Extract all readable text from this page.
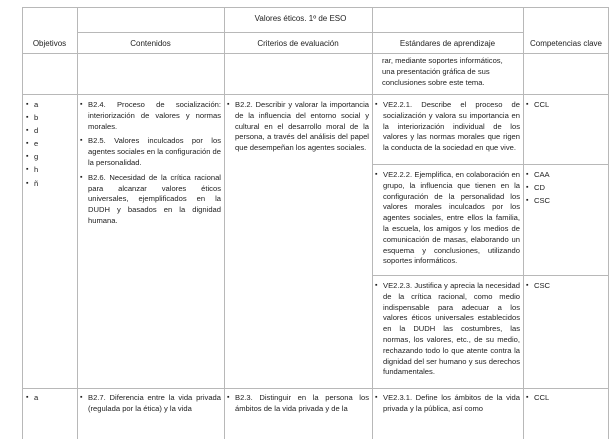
Valores éticos. 1º de ESO
Objetivos	Contenidos	Criterios de evaluación	Estándares de aprendizaje	Competencias clave
rar, mediante soportes informáticos,
una presentación gráfica de sus
conclusiones sobre este tema.
▪ a
▪ b
▪ d
▪ e
▪ g
▪ h
▪ ñ
▪ B2.4. Proceso de socialización: interiorización de valores y normas morales.
▪ B2.5. Valores inculcados por los agentes sociales en la configuración de la personalidad.
▪ B2.6. Necesidad de la crítica racional para alcanzar valores éticos universales, ejemplificados en la DUDH y basados en la dignidad humana.
▪ B2.2. Describir y valorar la importancia de la influencia del entorno social y cultural en el desarrollo moral de la persona, a través del análisis del papel que desempeñan los agentes sociales.
▪ VE2.2.1. Describe el proceso de socialización y valora su importancia en la interiorización individual de los valores y las normas morales que rigen la conducta de la sociedad en que vive.
▪ CCL
▪ VE2.2.2. Ejemplifica, en colaboración en grupo, la influencia que tienen en la configuración de la personalidad los valores morales inculcados por los agentes sociales, entre ellos la familia, la escuela, los amigos y los medios de comunicación de masas, elaborando un esquema y conclusiones, utilizando soportes informáticos.
▪ CAA
▪ CD
▪ CSC
▪ VE2.2.3. Justifica y aprecia la necesidad de la crítica racional, como medio indispensable para adecuar a los valores éticos universales establecidos en la DUDH las costumbres, las normas, los valores, etc., de su medio, rechazando todo lo que atente contra la dignidad del ser humano y sus derechos fundamentales.
▪ CSC
▪ a
▪	B2.7. Diferencia entre la vida privada (regulada por la ética) y la vida
▪ B2.3. Distinguir en la persona los ámbitos de la vida privada y de la
▪ VE2.3.1. Define los ámbitos de la vida privada y la pública, así como
▪ CCL
